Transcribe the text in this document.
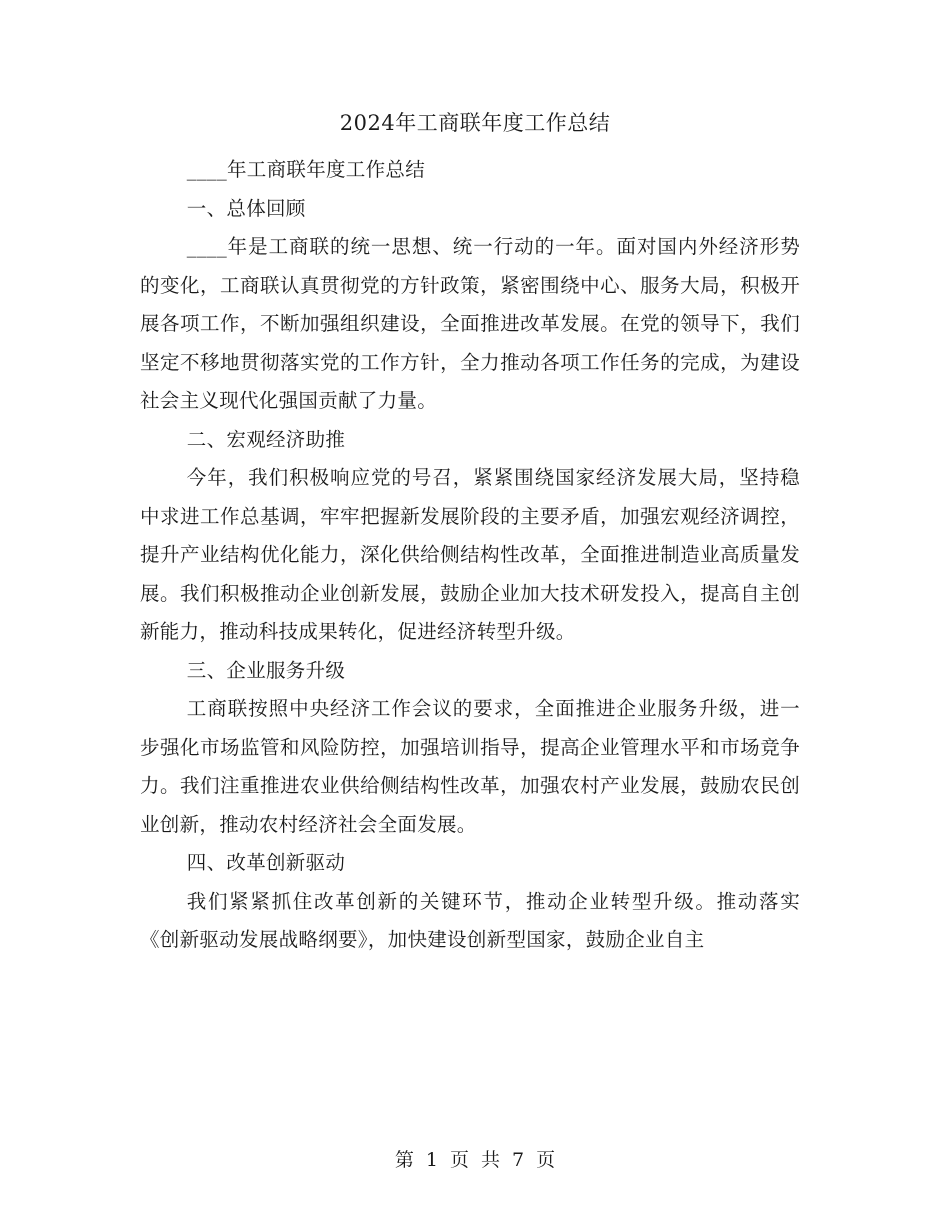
2024年工商联年度工作总结

____年工商联年度工作总结

一、总体回顾

____年是工商联的统一思想、统一行动的一年。面对国内外经济形势的变化，工商联认真贯彻党的方针政策，紧密围绕中心、服务大局，积极开展各项工作，不断加强组织建设，全面推进改革发展。在党的领导下，我们坚定不移地贯彻落实党的工作方针，全力推动各项工作任务的完成，为建设社会主义现代化强国贡献了力量。

二、宏观经济助推

今年，我们积极响应党的号召，紧紧围绕国家经济发展大局，坚持稳中求进工作总基调，牢牢把握新发展阶段的主要矛盾，加强宏观经济调控，提升产业结构优化能力，深化供给侧结构性改革，全面推进制造业高质量发展。我们积极推动企业创新发展，鼓励企业加大技术研发投入，提高自主创新能力，推动科技成果转化，促进经济转型升级。

三、企业服务升级

工商联按照中央经济工作会议的要求，全面推进企业服务升级，进一步强化市场监管和风险防控，加强培训指导，提高企业管理水平和市场竞争力。我们注重推进农业供给侧结构性改革，加强农村产业发展，鼓励农民创业创新，推动农村经济社会全面发展。

四、改革创新驱动

我们紧紧抓住改革创新的关键环节，推动企业转型升级。推动落实《创新驱动发展战略纲要》，加快建设创新型国家，鼓励企业自主

第 1 页 共 7 页
